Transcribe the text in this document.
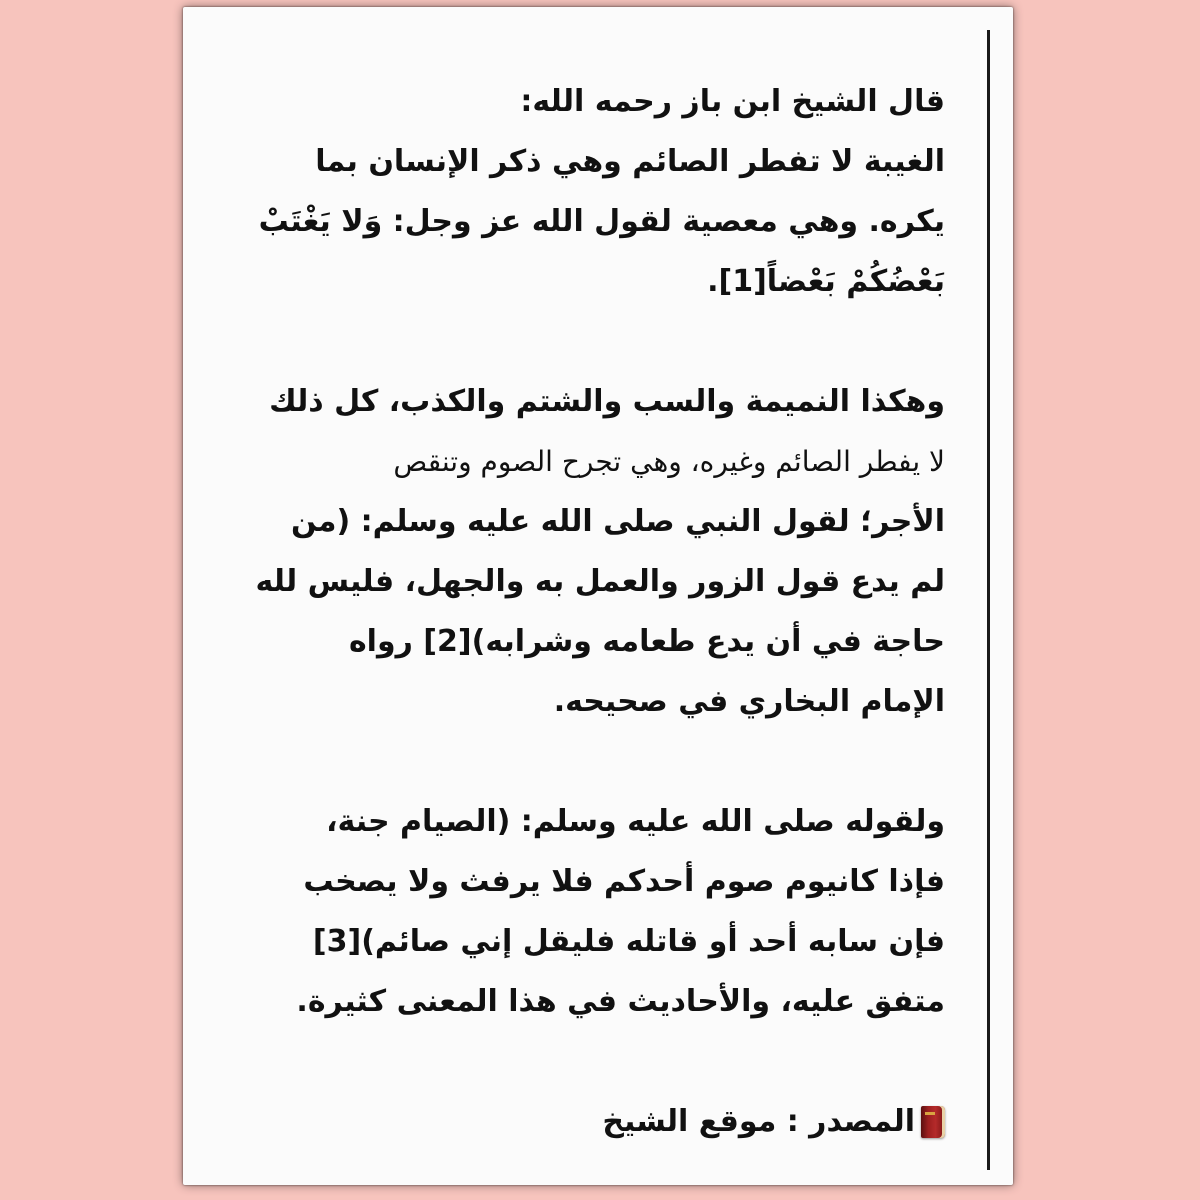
قال الشيخ ابن باز رحمه الله:
الغيبة لا تفطر الصائم وهي ذكر الإنسان بما
يكره. وهي معصية لقول الله عز وجل: وَلا يَغْتَبْ
بَعْضُكُمْ بَعْضاً[1].
وهكذا النميمة والسب والشتم والكذب، كل ذلك
لا يفطر الصائم وغيره، وهي تجرح الصوم وتنقص
الأجر؛ لقول النبي صلى الله عليه وسلم: (من
لم يدع قول الزور والعمل به والجهل، فليس لله
حاجة في أن يدع طعامه وشرابه)[2] رواه
الإمام البخاري في صحيحه.
ولقوله صلى الله عليه وسلم: (الصيام جنة،
فإذا كانيوم صوم أحدكم فلا يرفث ولا يصخب
فإن سابه أحد أو قاتله فليقل إني صائم)[3]
متفق عليه، والأحاديث في هذا المعنى كثيرة.
المصدر : موقع الشيخ
